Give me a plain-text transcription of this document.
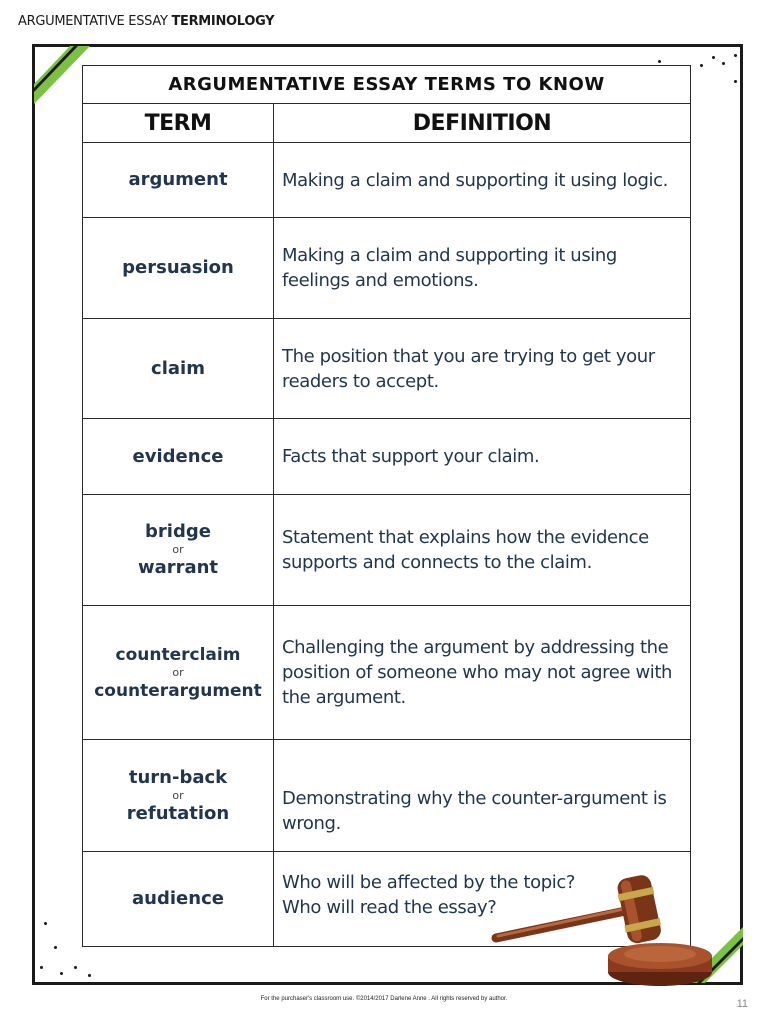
ARGUMENTATIVE ESSAY TERMINOLOGY
ARGUMENTATIVE ESSAY TERMS TO KNOW	
TERM	DEFINITION
argument	Making a claim and supporting it using logic.
persuasion	Making a claim and supporting it using feelings and emotions.
claim	The position that you are trying to get your readers to accept.
evidence	Facts that support your claim.
bridge
or
warrant	Statement that explains how the evidence supports and connects to the claim.
counterclaim
or
counterargument	Challenging the argument by addressing the position of someone who may not agree with the argument.
turn-back
or
refutation	Demonstrating why the counter-argument is wrong.
audience	Who will be affected by the topic?
Who will read the essay?
For the purchaser's classroom use. ©2014/2017 Darlene Anne . All rights reserved by author.	11
